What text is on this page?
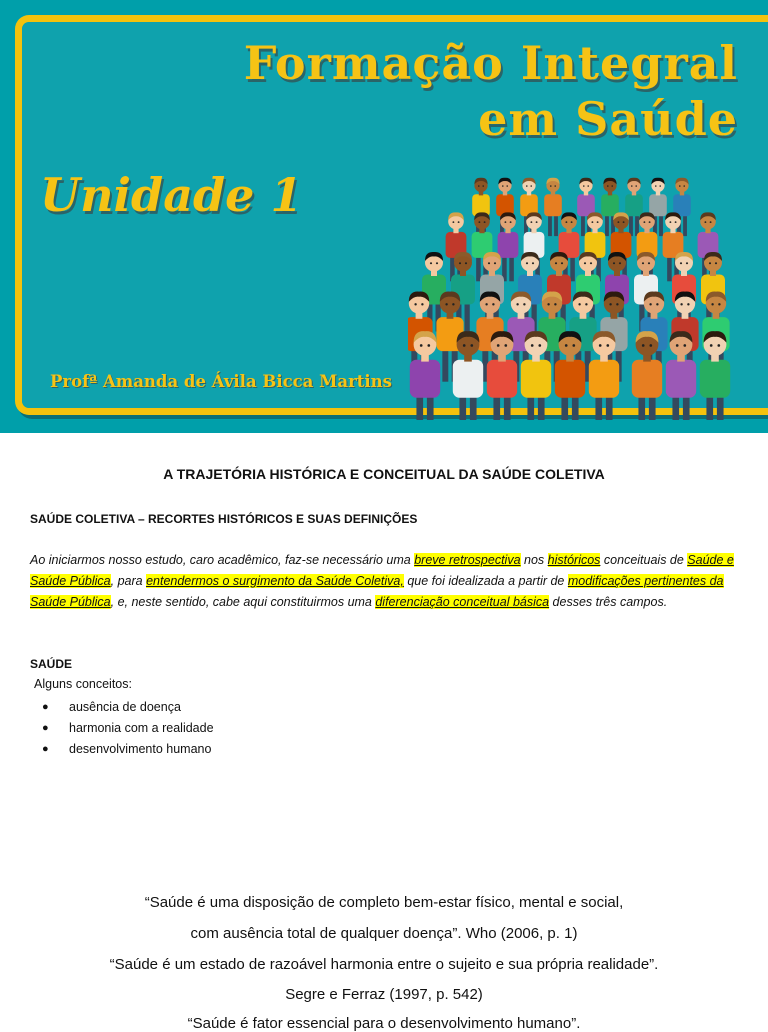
Formação Integral
em Saúde
Unidade 1
Profª Amanda de Ávila Bicca Martins
A TRAJETÓRIA HISTÓRICA E CONCEITUAL DA SAÚDE COLETIVA
SAÚDE COLETIVA – RECORTES HISTÓRICOS E SUAS DEFINIÇÕES

Ao iniciarmos nosso estudo, caro acadêmico, faz-se necessário uma breve retrospectiva nos históricos conceituais de Saúde e Saúde Pública, para entendermos o surgimento da Saúde Coletiva, que foi idealizada a partir de modificações pertinentes da Saúde Pública, e, neste sentido, cabe aqui constituirmos uma diferenciação conceitual básica desses três campos.

SAÚDE

Alguns conceitos:

● ausência de doença
● harmonia com a realidade
● desenvolvimento humano

“Saúde é uma disposição de completo bem-estar físico, mental e social,

com ausência total de qualquer doença”. Who (2006, p. 1)

“Saúde é um estado de razoável harmonia entre o sujeito e sua própria realidade”.

Segre e Ferraz (1997, p. 542)

“Saúde é fator essencial para o desenvolvimento humano”.
